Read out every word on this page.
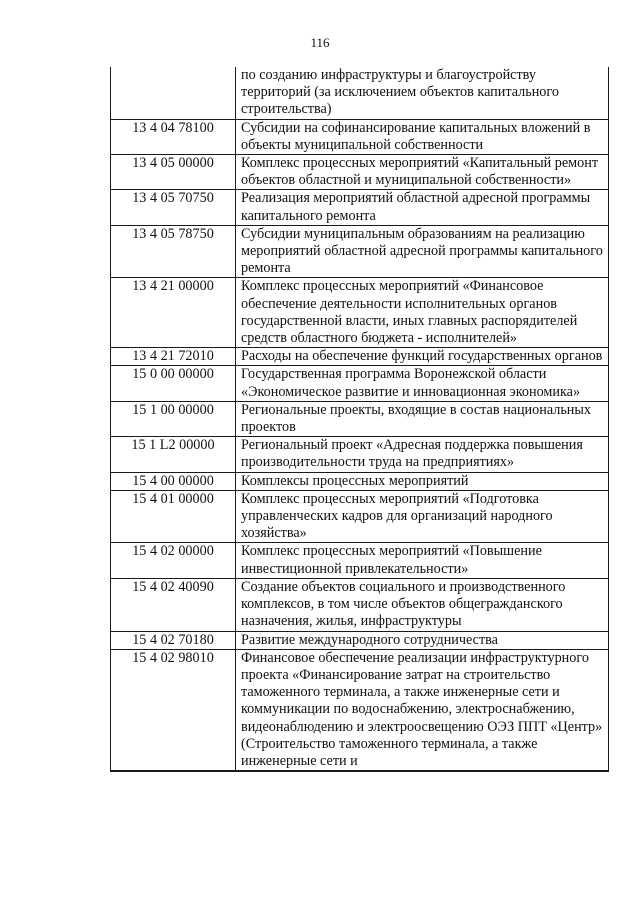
116
	по созданию инфраструктуры и благоустройству территорий (за исключением объектов капитального строительства)
13 4 04 78100	Субсидии на софинансирование капитальных вложений в объекты муниципальной собственности
13 4 05 00000	Комплекс процессных мероприятий «Капитальный ремонт объектов областной и муниципальной собственности»
13 4 05 70750	Реализация мероприятий областной адресной программы капитального ремонта
13 4 05 78750	Субсидии муниципальным образованиям на реализацию мероприятий областной адресной программы капитального ремонта
13 4 21 00000	Комплекс процессных мероприятий «Финансовое обеспечение деятельности исполнительных органов государственной власти, иных главных распорядителей средств областного бюджета - исполнителей»
13 4 21 72010	Расходы на обеспечение функций государственных органов
15 0 00 00000	Государственная программа Воронежской области «Экономическое развитие и инновационная экономика»
15 1 00 00000	Региональные проекты, входящие в состав национальных проектов
15 1 L2 00000	Региональный проект «Адресная поддержка повышения производительности труда на предприятиях»
15 4 00 00000	Комплексы процессных мероприятий
15 4 01 00000	Комплекс процессных мероприятий «Подготовка управленческих кадров для организаций народного хозяйства»
15 4 02 00000	Комплекс процессных мероприятий «Повышение инвестиционной привлекательности»
15 4 02 40090	Создание объектов социального и производственного комплексов, в том числе объектов общегражданского назначения, жилья, инфраструктуры
15 4 02 70180	Развитие международного сотрудничества
15 4 02 98010	Финансовое обеспечение реализации инфраструктурного проекта «Финансирование затрат на строительство таможенного терминала, а также инженерные сети и коммуникации по водоснабжению, электроснабжению, видеонаблюдению и электроосвещению ОЭЗ ППТ «Центр» (Строительство таможенного терминала, а также инженерные сети и
